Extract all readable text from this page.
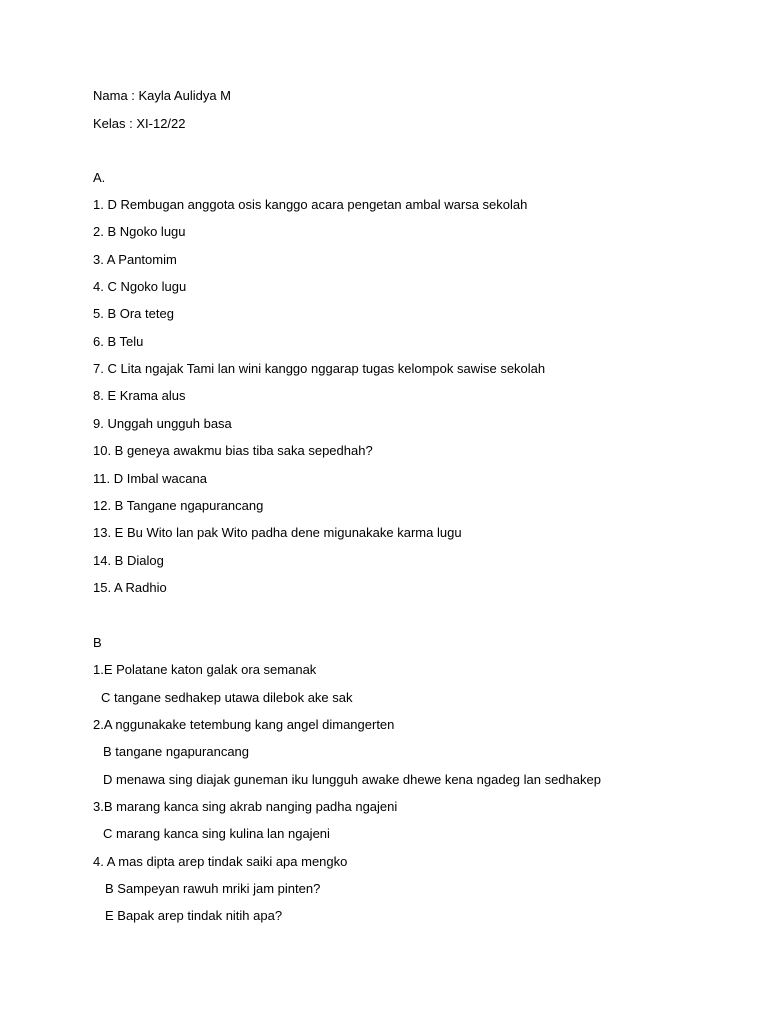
Nama : Kayla Aulidya M
Kelas : XI-12/22
A.
1. D Rembugan anggota osis kanggo acara pengetan ambal warsa sekolah
2. B Ngoko lugu
3. A Pantomim
4. C Ngoko lugu
5. B Ora teteg
6. B Telu
7. C Lita ngajak Tami lan wini kanggo nggarap tugas kelompok sawise sekolah
8. E Krama alus
9. Unggah ungguh basa
10. B geneya awakmu bias tiba saka sepedhah?
11. D Imbal wacana
12. B Tangane ngapurancang
13. E Bu Wito lan pak Wito padha dene migunakake karma lugu
14. B Dialog
15. A Radhio
B
1.E Polatane katon galak ora semanak
C tangane sedhakep utawa dilebok ake sak
2.A nggunakake tetembung kang angel dimangerten
B tangane ngapurancang
D menawa sing diajak guneman iku lungguh awake dhewe kena ngadeg lan sedhakep
3.B marang kanca sing akrab nanging padha ngajeni
C marang kanca sing kulina lan ngajeni
4. A mas dipta arep tindak saiki apa mengko
B Sampeyan rawuh mriki jam pinten?
E Bapak arep tindak nitih apa?
